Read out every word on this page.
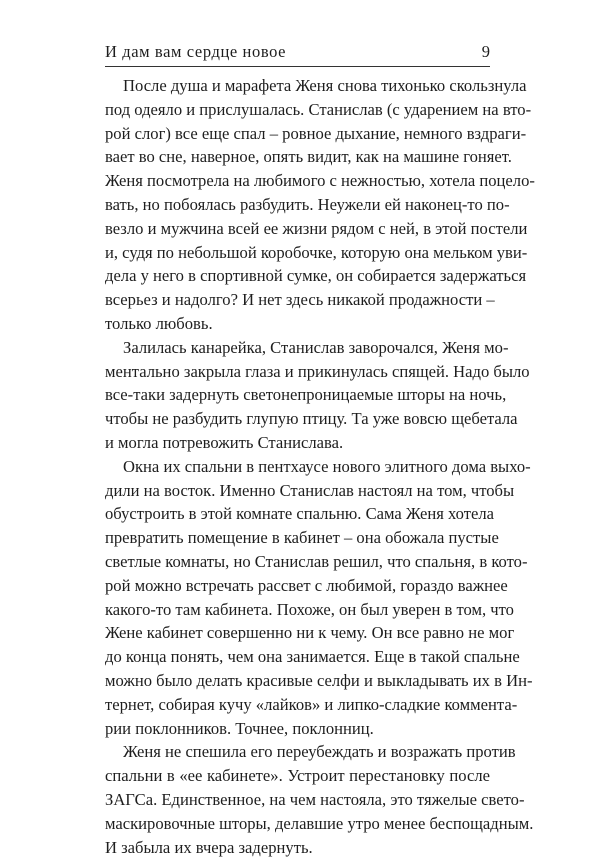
И дам вам сердце новое	9
После душа и марафета Женя снова тихонько скользнула
под одеяло и прислушалась. Станислав (с ударением на вто-
рой слог) все еще спал – ровное дыхание, немного вздраги-
вает во сне, наверное, опять видит, как на машине гоняет.
Женя посмотрела на любимого с нежностью, хотела поцело-
вать, но побоялась разбудить. Неужели ей наконец-то по-
везло и мужчина всей ее жизни рядом с ней, в этой постели
и, судя по небольшой коробочке, которую она мельком уви-
дела у него в спортивной сумке, он собирается задержаться
всерьез и надолго? И нет здесь никакой продажности –
только любовь.
Залилась канарейка, Станислав заворочался, Женя мо-
ментально закрыла глаза и прикинулась спящей. Надо было
все-таки задернуть светонепроницаемые шторы на ночь,
чтобы не разбудить глупую птицу. Та уже вовсю щебетала
и могла потревожить Станислава.
Окна их спальни в пентхаусе нового элитного дома выхо-
дили на восток. Именно Станислав настоял на том, чтобы
обустроить в этой комнате спальню. Сама Женя хотела
превратить помещение в кабинет – она обожала пустые
светлые комнаты, но Станислав решил, что спальня, в кото-
рой можно встречать рассвет с любимой, гораздо важнее
какого-то там кабинета. Похоже, он был уверен в том, что
Жене кабинет совершенно ни к чему. Он все равно не мог
до конца понять, чем она занимается. Еще в такой спальне
можно было делать красивые селфи и выкладывать их в Ин-
тернет, собирая кучу «лайков» и липко-сладкие коммента-
рии поклонников. Точнее, поклонниц.
Женя не спешила его переубеждать и возражать против
спальни в «ее кабинете». Устроит перестановку после
ЗАГСа. Единственное, на чем настояла, это тяжелые свето-
маскировочные шторы, делавшие утро менее беспощадным.
И забыла их вчера задернуть.
